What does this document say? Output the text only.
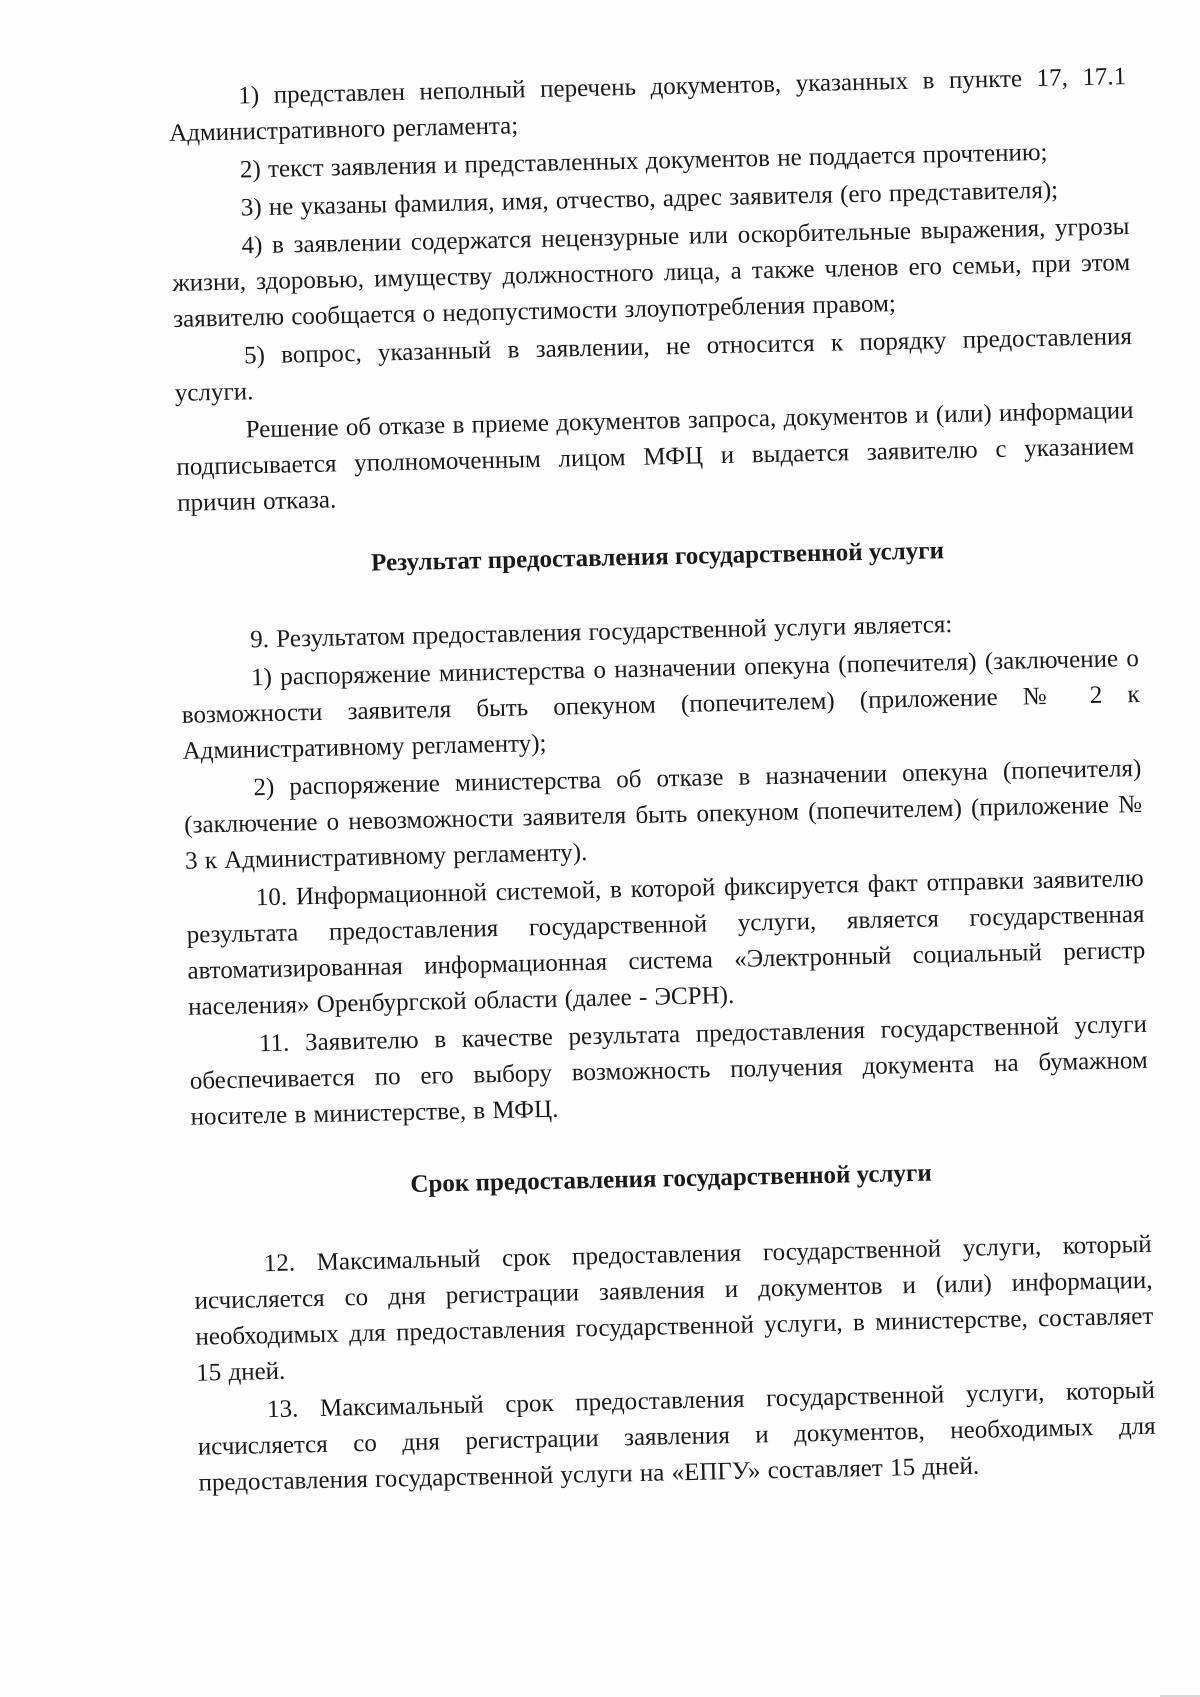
1) представлен неполный перечень документов, указанных в пункте 17, 17.1 Административного регламента;

2) текст заявления и представленных документов не поддается прочтению;

3) не указаны фамилия, имя, отчество, адрес заявителя (его представителя);

4) в заявлении содержатся нецензурные или оскорбительные выражения, угрозы жизни, здоровью, имуществу должностного лица, а также членов его семьи, при этом заявителю сообщается о недопустимости злоупотребления правом;

5) вопрос, указанный в заявлении, не относится к порядку предоставления услуги.

Решение об отказе в приеме документов запроса, документов и (или) информации подписывается уполномоченным лицом МФЦ и выдается заявителю с указанием причин отказа.

Результат предоставления государственной услуги

9. Результатом предоставления государственной услуги является:

1) распоряжение министерства о назначении опекуна (попечителя) (заключение о возможности заявителя быть опекуном (попечителем) (приложение № 2 к Административному регламенту);

2) распоряжение министерства об отказе в назначении опекуна (попечителя) (заключение о невозможности заявителя быть опекуном (попечителем) (приложение № 3 к Административному регламенту).

10. Информационной системой, в которой фиксируется факт отправки заявителю результата предоставления государственной услуги, является государственная автоматизированная информационная система «Электронный социальный регистр населения» Оренбургской области (далее - ЭСРН).

11. Заявителю в качестве результата предоставления государственной услуги обеспечивается по его выбору возможность получения документа на бумажном носителе в министерстве, в МФЦ.

Срок предоставления государственной услуги

12. Максимальный срок предоставления государственной услуги, который исчисляется со дня регистрации заявления и документов и (или) информации, необходимых для предоставления государственной услуги, в министерстве, составляет 15 дней.

13. Максимальный срок предоставления государственной услуги, который исчисляется со дня регистрации заявления и документов, необходимых для предоставления государственной услуги на «ЕПГУ» составляет 15 дней.
